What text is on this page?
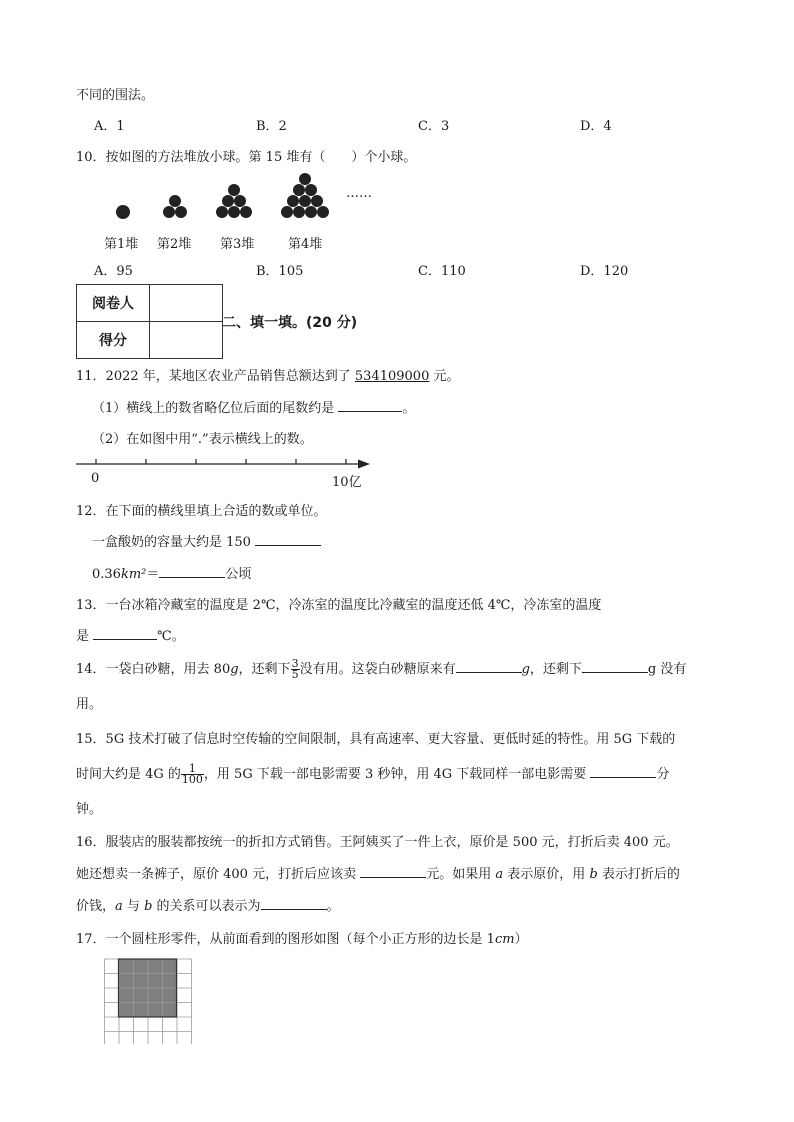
不同的围法。
A．1	B．2	C．3	D．4
10．按如图的方法堆放小球。第 15 堆有（　　）个小球。
……
第1堆 第2堆 第3堆	第4堆
A．95	B．105	C．110	D．120
阅卷人	
得分	
二、填一填。(20 分)
11．2022 年，某地区农业产品销售总额达到了 534109000 元。
（1）横线上的数省略亿位后面的尾数约是	。
（2）在如图中用“.”表示横线上的数。
0	10亿
12．在下面的横线里填上合适的数或单位。
一盒酸奶的容量大约是 150
0.36km²＝	公顷
13．一台冰箱冷藏室的温度是 2℃，冷冻室的温度比冷藏室的温度还低 4℃，冷冻室的温度
是	℃。
14．一袋白砂糖，用去 80g，还剩下 $\frac{3}{5}$ 没有用。这袋白砂糖原来有	g，还剩下	g 没有
用。
15．5G 技术打破了信息时空传输的空间限制，具有高速率、更大容量、更低时延的特性。用 5G 下载的
时间大约是 4G 的 $\frac{1}{100}$ ，用 5G 下载一部电影需要 3 秒钟，用 4G 下载同样一部电影需要	分
钟。
16．服装店的服装都按统一的折扣方式销售。王阿姨买了一件上衣，原价是 500 元，打折后卖 400 元。
她还想卖一条裤子，原价 400 元，打折后应该卖	元。如果用 a 表示原价，用 b 表示打折后的
价钱，a 与 b 的关系可以表示为	。
17．一个圆柱形零件，从前面看到的图形如图（每个小正方形的边长是 1cm）
